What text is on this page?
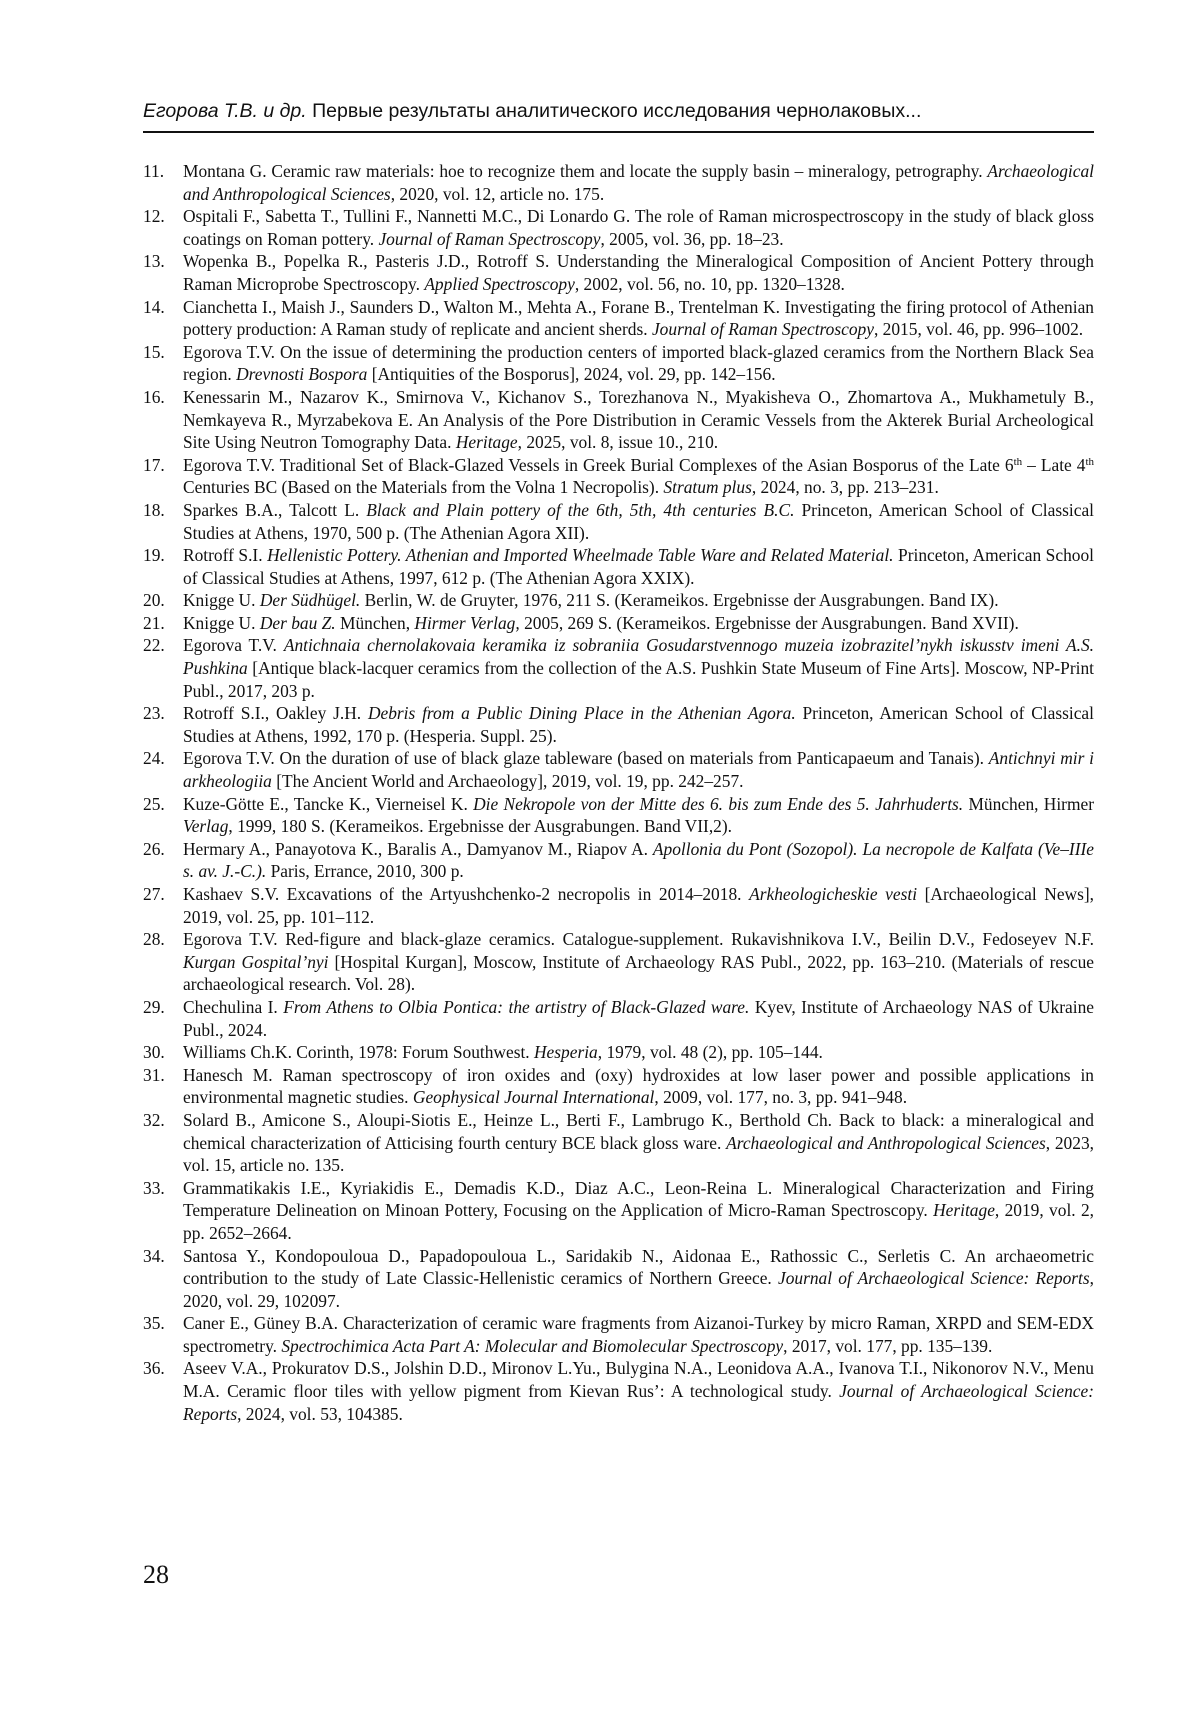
Егорова Т.В. и др. Первые результаты аналитического исследования чернолаковых...
11.	Montana G. Ceramic raw materials: hoe to recognize them and locate the supply basin – mineralogy, petrography. Archaeological and Anthropological Sciences, 2020, vol. 12, article no. 175.
12.	Ospitali F., Sabetta T., Tullini F., Nannetti M.C., Di Lonardo G. The role of Raman microspectroscopy in the study of black gloss coatings on Roman pottery. Journal of Raman Spectroscopy, 2005, vol. 36, pp. 18–23.
13.	Wopenka B., Popelka R., Pasteris J.D., Rotroff S. Understanding the Mineralogical Composition of Ancient Pottery through Raman Microprobe Spectroscopy. Applied Spectroscopy, 2002, vol. 56, no. 10, pp. 1320–1328.
14.	Cianchetta I., Maish J., Saunders D., Walton M., Mehta A., Forane B., Trentelman K. Investigating the firing protocol of Athenian pottery production: A Raman study of replicate and ancient sherds. Journal of Raman Spectroscopy, 2015, vol. 46, pp. 996–1002.
15.	Egorova T.V. On the issue of determining the production centers of imported black-glazed ceramics from the Northern Black Sea region. Drevnosti Bospora [Antiquities of the Bosporus], 2024, vol. 29, pp. 142–156.
16.	Kenessarin M., Nazarov K., Smirnova V., Kichanov S., Torezhanova N., Myakisheva O., Zhomartova A., Mukhametuly B., Nemkayeva R., Myrzabekova E. An Analysis of the Pore Distribution in Ceramic Vessels from the Akterek Burial Archeological Site Using Neutron Tomography Data. Heritage, 2025, vol. 8, issue 10., 210.
17.	Egorova T.V. Traditional Set of Black-Glazed Vessels in Greek Burial Complexes of the Asian Bosporus of the Late 6th – Late 4th Centuries BC (Based on the Materials from the Volna 1 Necropolis). Stratum plus, 2024, no. 3, pp. 213–231.
18.	Sparkes B.A., Talcott L. Black and Plain pottery of the 6th, 5th, 4th centuries B.C. Princeton, American School of Classical Studies at Athens, 1970, 500 p. (The Athenian Agora XII).
19.	Rotroff S.I. Hellenistic Pottery. Athenian and Imported Wheelmade Table Ware and Related Material. Princeton, American School of Classical Studies at Athens, 1997, 612 p. (The Athenian Agora XXIX).
20.	Knigge U. Der Südhügel. Berlin, W. de Gruyter, 1976, 211 S. (Kerameikos. Ergebnisse der Ausgrabungen. Band IX).
21.	Knigge U. Der bau Z. München, Hirmer Verlag, 2005, 269 S. (Kerameikos. Ergebnisse der Ausgrabungen. Band XVII).
22.	Egorova T.V. Antichnaia chernolakovaia keramika iz sobraniia Gosudarstvennogo muzeia izobrazitel’nykh iskusstv imeni A.S. Pushkina [Antique black-lacquer ceramics from the collection of the A.S. Pushkin State Museum of Fine Arts]. Moscow, NP-Print Publ., 2017, 203 p.
23.	Rotroff S.I., Oakley J.H. Debris from a Public Dining Place in the Athenian Agora. Princeton, American School of Classical Studies at Athens, 1992, 170 p. (Hesperia. Suppl. 25).
24.	Egorova T.V. On the duration of use of black glaze tableware (based on materials from Panticapaeum and Tanais). Antichnyi mir i arkheologiia [The Ancient World and Archaeology], 2019, vol. 19, pp. 242–257.
25.	Kuze-Götte E., Tancke K., Vierneisel K. Die Nekropole von der Mitte des 6. bis zum Ende des 5. Jahrhuderts. München, Hirmer Verlag, 1999, 180 S. (Kerameikos. Ergebnisse der Ausgrabungen. Band VII,2).
26.	Hermary A., Panayotova K., Baralis A., Damyanov M., Riapov A. Apollonia du Pont (Sozopol). La necropole de Kalfata (Ve–IIIe s. av. J.-C.). Paris, Errance, 2010, 300 p.
27.	Kashaev S.V. Excavations of the Artyushchenko-2 necropolis in 2014–2018. Arkheologicheskie vesti [Archaeological News], 2019, vol. 25, pp. 101–112.
28.	Egorova T.V. Red-figure and black-glaze ceramics. Catalogue-supplement. Rukavishnikova I.V., Beilin D.V., Fedoseyev N.F. Kurgan Gospital’nyi [Hospital Kurgan], Moscow, Institute of Archaeology RAS Publ., 2022, pp. 163–210. (Materials of rescue archaeological research. Vol. 28).
29.	Chechulina I. From Athens to Olbia Pontica: the artistry of Black-Glazed ware. Kyev, Institute of Archaeology NAS of Ukraine Publ., 2024.
30.	Williams Ch.K. Corinth, 1978: Forum Southwest. Hesperia, 1979, vol. 48 (2), pp. 105–144.
31.	Hanesch M. Raman spectroscopy of iron oxides and (oxy) hydroxides at low laser power and possible applications in environmental magnetic studies. Geophysical Journal International, 2009, vol. 177, no. 3, pp. 941–948.
32.	Solard B., Amicone S., Aloupi-Siotis E., Heinze L., Berti F., Lambrugo K., Berthold Ch. Back to black: a mineralogical and chemical characterization of Atticising fourth century BCE black gloss ware. Archaeological and Anthropological Sciences, 2023, vol. 15, article no. 135.
33.	Grammatikakis I.E., Kyriakidis E., Demadis K.D., Diaz A.C., Leon-Reina L. Mineralogical Characterization and Firing Temperature Delineation on Minoan Pottery, Focusing on the Application of Micro-Raman Spectroscopy. Heritage, 2019, vol. 2, pp. 2652–2664.
34.	Santosa Y., Kondopouloua D., Papadopouloua L., Saridakib N., Aidonaa E., Rathossic C., Serletis C. An archaeometric contribution to the study of Late Classic-Hellenistic ceramics of Northern Greece. Journal of Archaeological Science: Reports, 2020, vol. 29, 102097.
35.	Caner E., Güney B.A. Characterization of ceramic ware fragments from Aizanoi-Turkey by micro Raman, XRPD and SEM-EDX spectrometry. Spectrochimica Acta Part A: Molecular and Biomolecular Spectroscopy, 2017, vol. 177, pp. 135–139.
36.	Aseev V.A., Prokuratov D.S., Jolshin D.D., Mironov L.Yu., Bulygina N.A., Leonidova A.A., Ivanova T.I., Nikonorov N.V., Menu M.A. Ceramic floor tiles with yellow pigment from Kievan Rus’: A technological study. Journal of Archaeological Science: Reports, 2024, vol. 53, 104385.
28
